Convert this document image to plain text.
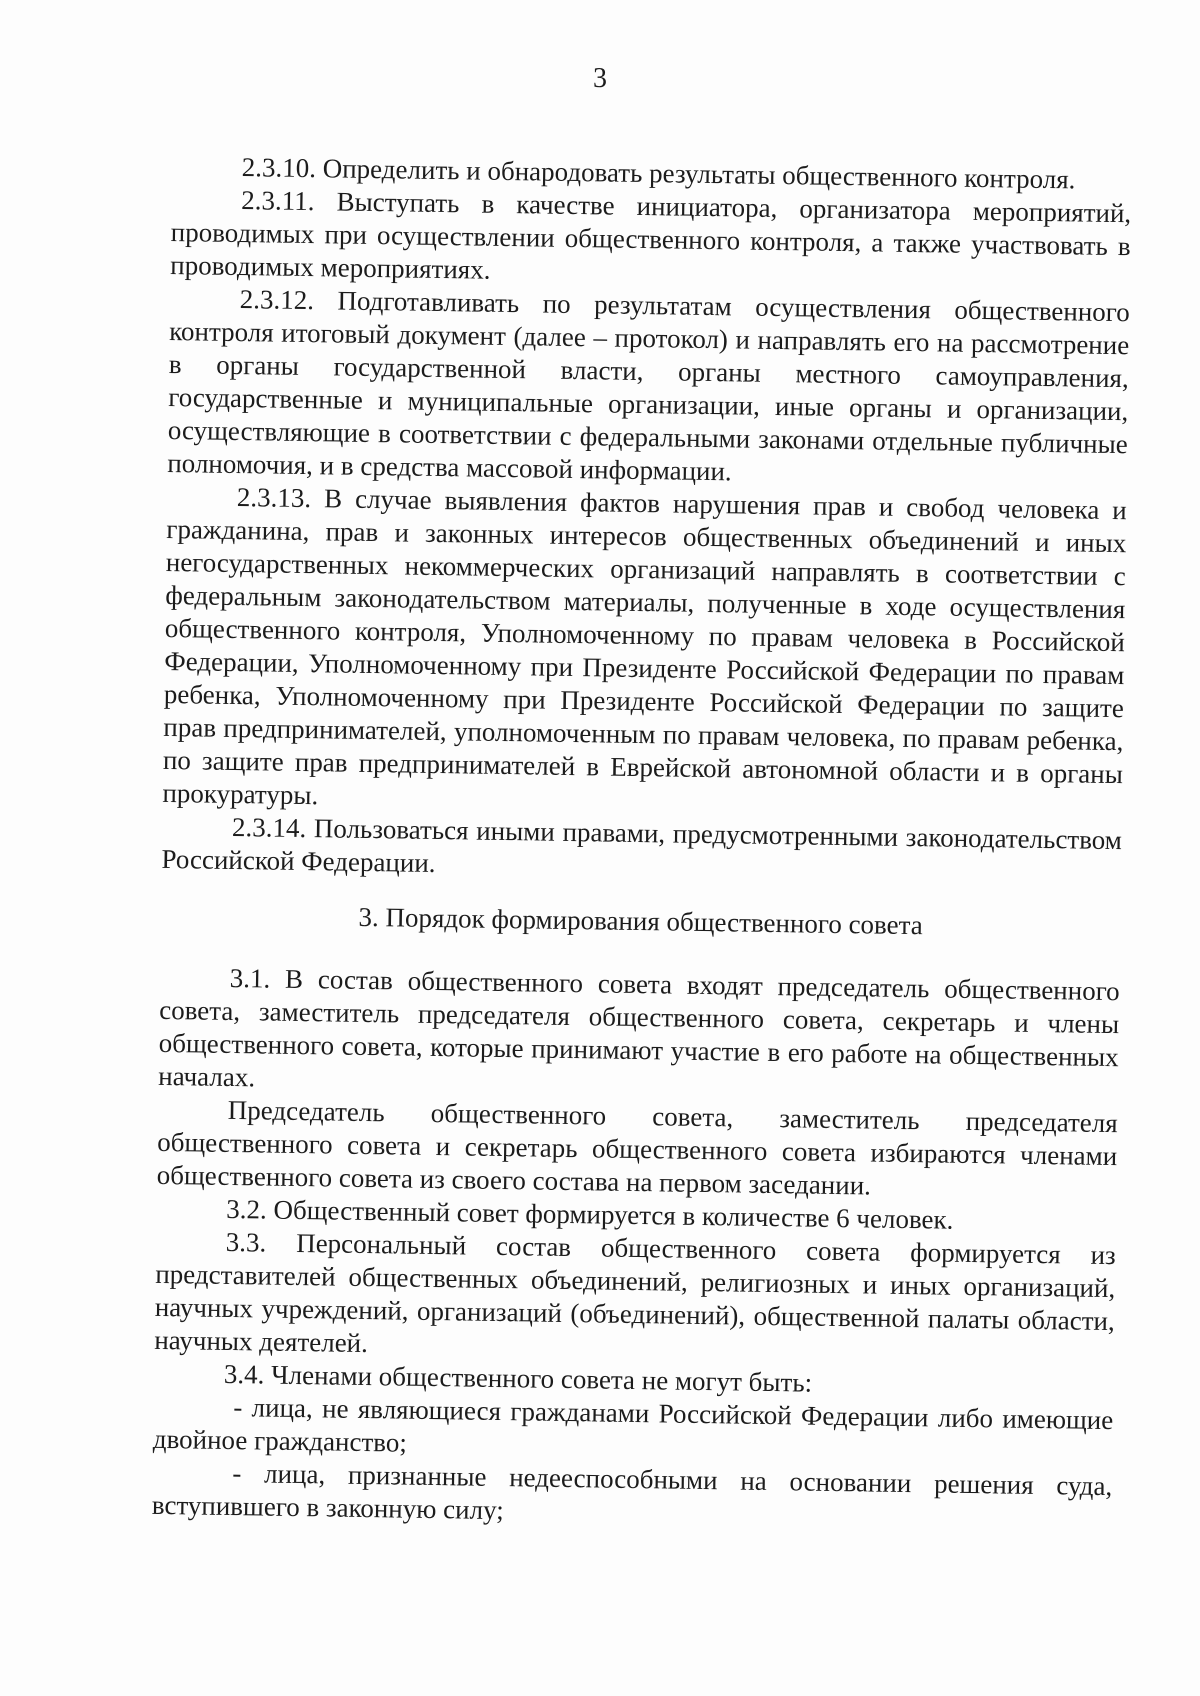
3

2.3.10. Определить и обнародовать результаты общественного контроля.

2.3.11. Выступать в качестве инициатора, организатора мероприятий, проводимых при осуществлении общественного контроля, а также участвовать в проводимых мероприятиях.

2.3.12. Подготавливать по результатам осуществления общественного контроля итоговый документ (далее – протокол) и направлять его на рассмотрение в органы государственной власти, органы местного самоуправления, государственные и муниципальные организации, иные органы и организации, осуществляющие в соответствии с федеральными законами отдельные публичные полномочия, и в средства массовой информации.

2.3.13. В случае выявления фактов нарушения прав и свобод человека и гражданина, прав и законных интересов общественных объединений и иных негосударственных некоммерческих организаций направлять в соответствии с федеральным законодательством материалы, полученные в ходе осуществления общественного контроля, Уполномоченному по правам человека в Российской Федерации, Уполномоченному при Президенте Российской Федерации по правам ребенка, Уполномоченному при Президенте Российской Федерации по защите прав предпринимателей, уполномоченным по правам человека, по правам ребенка, по защите прав предпринимателей в Еврейской автономной области и в органы прокуратуры.

2.3.14. Пользоваться иными правами, предусмотренными законодательством Российской Федерации.

3. Порядок формирования общественного совета

3.1. В состав общественного совета входят председатель общественного совета, заместитель председателя общественного совета, секретарь и члены общественного совета, которые принимают участие в его работе на общественных началах.

Председатель общественного совета, заместитель председателя общественного совета и секретарь общественного совета избираются членами общественного совета из своего состава на первом заседании.

3.2. Общественный совет формируется в количестве 6 человек.

3.3. Персональный состав общественного совета формируется из представителей общественных объединений, религиозных и иных организаций, научных учреждений, организаций (объединений), общественной палаты области, научных деятелей.

3.4. Членами общественного совета не могут быть:

- лица, не являющиеся гражданами Российской Федерации либо имеющие двойное гражданство;

- лица, признанные недееспособными на основании решения суда, вступившего в законную силу;
